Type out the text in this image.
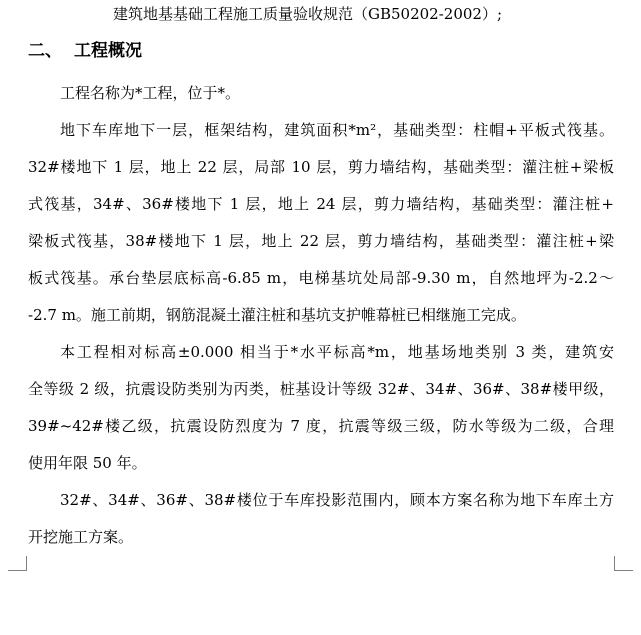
建筑地基基础工程施工质量验收规范（GB50202-2002）;
二、 工程概况
工程名称为*工程，位于*。
地下车库地下一层，框架结构，建筑面积*m²，基础类型：柱帽+平板式筏基。
32#楼地下 1 层，地上 22 层，局部 10 层，剪力墙结构，基础类型：灌注桩+梁板
式筏基，34#、36#楼地下 1 层，地上 24 层，剪力墙结构，基础类型：灌注桩+
梁板式筏基，38#楼地下 1 层，地上 22 层，剪力墙结构，基础类型：灌注桩+梁
板式筏基。承台垫层底标高-6.85 m，电梯基坑处局部-9.30 m，自然地坪为-2.2～
-2.7 m。施工前期，钢筋混凝土灌注桩和基坑支护帷幕桩已相继施工完成。
本工程相对标高±0.000 相当于*水平标高*m，地基场地类别 3 类，建筑安
全等级 2 级，抗震设防类别为丙类，桩基设计等级 32#、34#、36#、38#楼甲级，
39#~42#楼乙级，抗震设防烈度为 7 度，抗震等级三级，防水等级为二级，合理
使用年限 50 年。
32#、34#、36#、38#楼位于车库投影范围内，顾本方案名称为地下车库土方
开挖施工方案。
